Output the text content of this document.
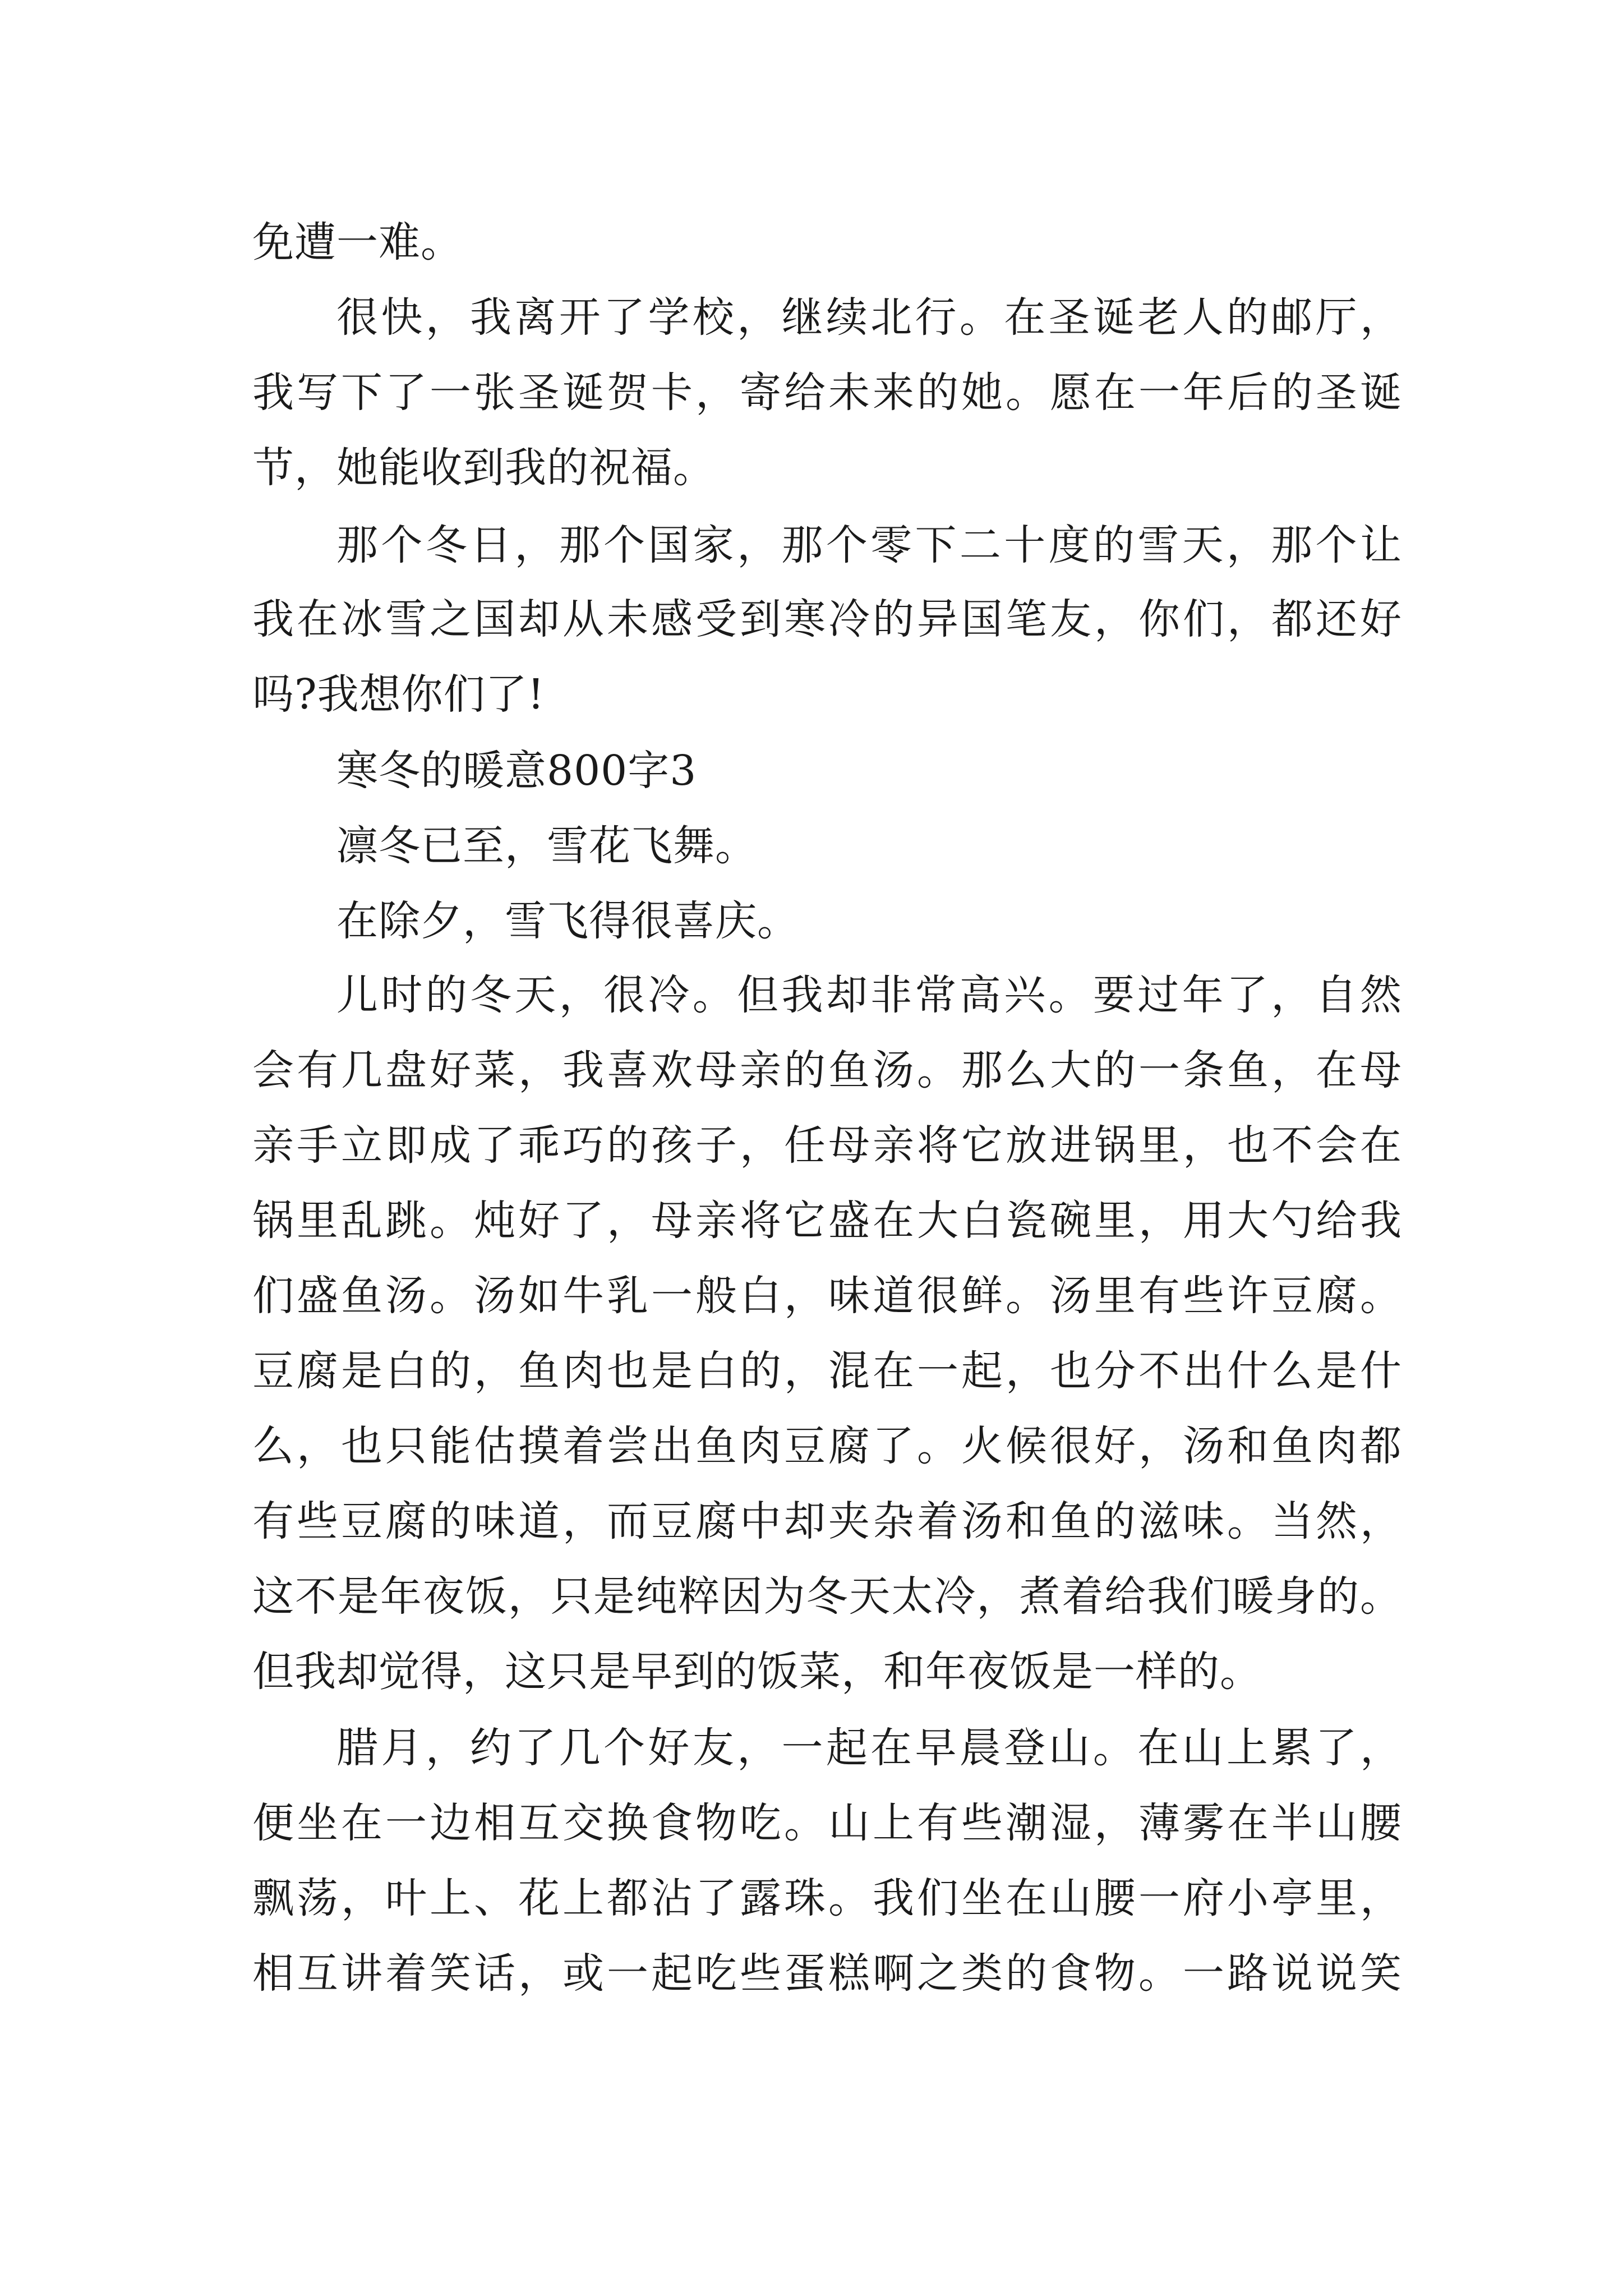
免遭一难。
很快，我离开了学校，继续北行。在圣诞老人的邮厅，
我写下了一张圣诞贺卡，寄给未来的她。愿在一年后的圣诞
节，她能收到我的祝福。
那个冬日，那个国家，那个零下二十度的雪天，那个让
我在冰雪之国却从未感受到寒冷的异国笔友，你们，都还好
吗?我想你们了!
寒冬的暖意800字3
凛冬已至，雪花飞舞。
在除夕，雪飞得很喜庆。
儿时的冬天，很冷。但我却非常高兴。要过年了，自然
会有几盘好菜，我喜欢母亲的鱼汤。那么大的一条鱼，在母
亲手立即成了乖巧的孩子，任母亲将它放进锅里，也不会在
锅里乱跳。炖好了，母亲将它盛在大白瓷碗里，用大勺给我
们盛鱼汤。汤如牛乳一般白，味道很鲜。汤里有些许豆腐。
豆腐是白的，鱼肉也是白的，混在一起，也分不出什么是什
么，也只能估摸着尝出鱼肉豆腐了。火候很好，汤和鱼肉都
有些豆腐的味道，而豆腐中却夹杂着汤和鱼的滋味。当然，
这不是年夜饭，只是纯粹因为冬天太冷，煮着给我们暖身的。
但我却觉得，这只是早到的饭菜，和年夜饭是一样的。
腊月，约了几个好友，一起在早晨登山。在山上累了，
便坐在一边相互交换食物吃。山上有些潮湿，薄雾在半山腰
飘荡，叶上、花上都沾了露珠。我们坐在山腰一府小亭里，
相互讲着笑话，或一起吃些蛋糕啊之类的食物。一路说说笑
